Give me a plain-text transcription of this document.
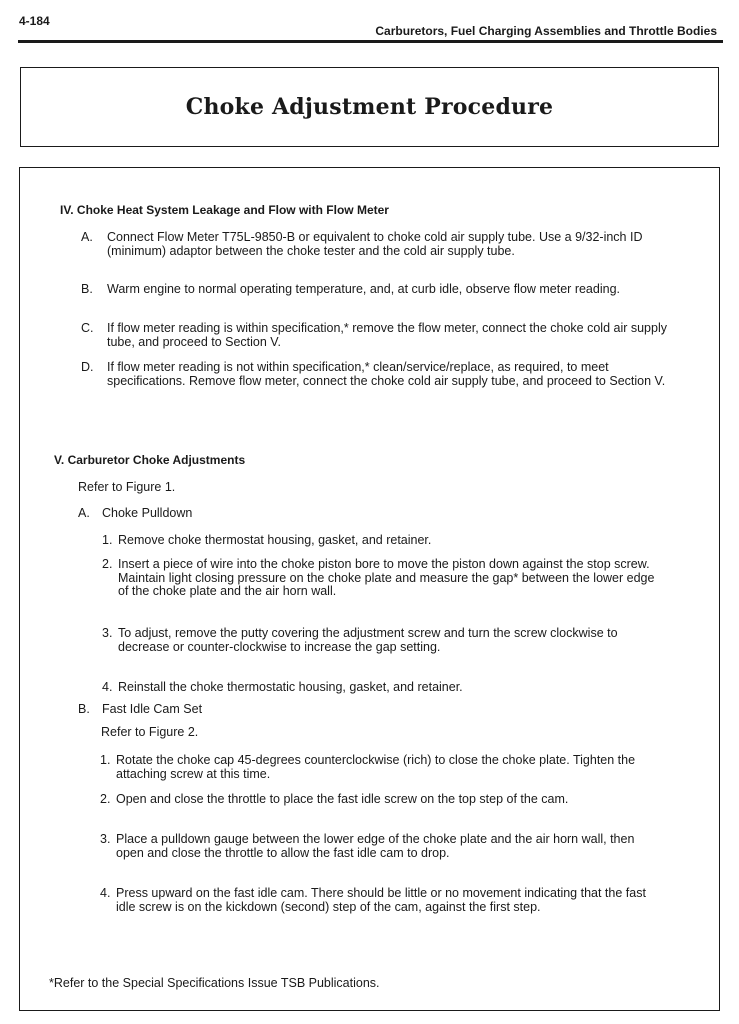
4-184
Carburetors, Fuel Charging Assemblies and Throttle Bodies
Choke Adjustment Procedure
IV. Choke Heat System Leakage and Flow with Flow Meter
A. Connect Flow Meter T75L-9850-B or equivalent to choke cold air supply tube. Use a 9/32-inch ID (minimum) adaptor between the choke tester and the cold air supply tube.
B. Warm engine to normal operating temperature, and, at curb idle, observe flow meter reading.
C. If flow meter reading is within specification,* remove the flow meter, connect the choke cold air supply tube, and proceed to Section V.
D. If flow meter reading is not within specification,* clean/service/replace, as required, to meet specifications. Remove flow meter, connect the choke cold air supply tube, and proceed to Section V.
V. Carburetor Choke Adjustments
Refer to Figure 1.
A. Choke Pulldown
1. Remove choke thermostat housing, gasket, and retainer.
2. Insert a piece of wire into the choke piston bore to move the piston down against the stop screw. Maintain light closing pressure on the choke plate and measure the gap* between the lower edge of the choke plate and the air horn wall.
3. To adjust, remove the putty covering the adjustment screw and turn the screw clockwise to decrease or counter-clockwise to increase the gap setting.
4. Reinstall the choke thermostatic housing, gasket, and retainer.
B. Fast Idle Cam Set
Refer to Figure 2.
1. Rotate the choke cap 45-degrees counterclockwise (rich) to close the choke plate. Tighten the attaching screw at this time.
2. Open and close the throttle to place the fast idle screw on the top step of the cam.
3. Place a pulldown gauge between the lower edge of the choke plate and the air horn wall, then open and close the throttle to allow the fast idle cam to drop.
4. Press upward on the fast idle cam. There should be little or no movement indicating that the fast idle screw is on the kickdown (second) step of the cam, against the first step.
*Refer to the Special Specifications Issue TSB Publications.
